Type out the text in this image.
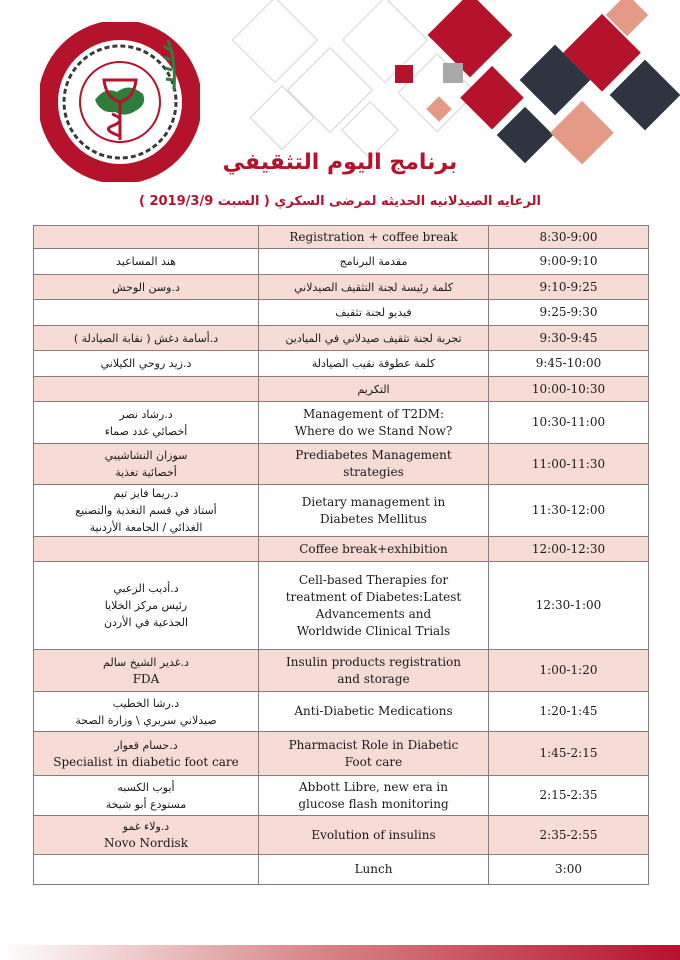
برنامج اليوم التثقيفي
الرعايه الصيدلانيه الحديثه لمرضى السكري ( السبت 2019/3/9 )

	Registration + coffee break	8:30-9:00

هند المساعيد	مقدمة البرنامج	9:00-9:10

د.وسن الوحش	كلمة رئيسة لجنة التثقيف الصيدلاني	9:10-9:25

	فيديو لجنة تثقيف	9:25-9:30

د.أسامة دغش ( نقابة الصيادلة )	تجربة لجنة تثقيف صيدلاني في الميادين	9:30-9:45

د.زيد روحي الكيلاني	كلمة عطوفة نقيب الصيادلة	9:45-10:00

	التكريم	10:00-10:30

د.رشاد نصر
أخصائي غدد صماء	Management of T2DM:
Where do we Stand Now?	10:30-11:00

سوزان النشاشيبي
أخصائية تغذية	Prediabetes Management
strategies	11:00-11:30

د.ريما فايز تيم
أستاذ في قسم التغذية والتصنيع
الغذائي / الجامعة الأردنية	Dietary management in
Diabetes Mellitus	11:30-12:00

	Coffee break+exhibition	12:00-12:30

د.أديب الزعبي
رئيس مركز الخلايا
الجذعية في الأردن	Cell-based Therapies for
treatment of Diabetes:Latest
Advancements and
Worldwide Clinical Trials	12:30-1:00

د.غدير الشيخ سالم
FDA	Insulin products registration
and storage	1:00-1:20

د.رشا الخطيب
صيدلاني سريري \ وزارة الصحة	Anti-Diabetic Medications	1:20-1:45

د.حسام قعوار
Specialist in diabetic foot care	Pharmacist Role in Diabetic
Foot care	1:45-2:15

أيوب الكسبه
مستودع أبو شيخة	Abbott Libre, new era in
glucose flash monitoring	2:15-2:35

د.ولاء غمو
Novo Nordisk	Evolution of insulins	2:35-2:55

	Lunch	3:00
